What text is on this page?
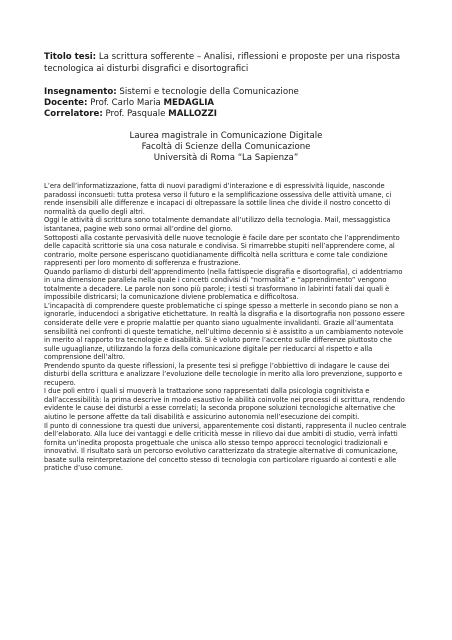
Titolo tesi: La scrittura sofferente – Analisi, riflessioni e proposte per una risposta tecnologica ai disturbi disgrafici e disortografici
Insegnamento: Sistemi e tecnologie della Comunicazione
Docente: Prof. Carlo Maria MEDAGLIA
Correlatore: Prof. Pasquale MALLOZZI
Laurea magistrale in Comunicazione Digitale
Facoltà di Scienze della Comunicazione
Università di Roma “La Sapienza”

L’era dell’informatizzazione, fatta di nuovi paradigmi d’interazione e di espressività liquide, nasconde paradossi inconsueti: tutta protesa verso il futuro e la semplificazione ossessiva delle attività umane, ci rende insensibili alle differenze e incapaci di oltrepassare la sottile linea che divide il nostro concetto di normalità da quello degli altri.

Oggi le attività di scrittura sono totalmente demandate all’utilizzo della tecnologia. Mail, messaggistica istantanea, pagine web sono ormai all’ordine del giorno.

Sottoposti alla costante pervasività delle nuove tecnologie è facile dare per scontato che l’apprendimento delle capacità scrittorie sia una cosa naturale e condivisa. Si rimarrebbe stupiti nell’apprendere come, al contrario, molte persone esperiscano quotidianamente difficoltà nella scrittura e come tale condizione rappresenti per loro momento di sofferenza e frustrazione.

Quando parliamo di disturbi dell’apprendimento (nella fattispecie disgrafia e disortografia), ci addentriamo in una dimensione parallela nella quale i concetti condivisi di “normalità” e “apprendimento” vengono totalmente a decadere. Le parole non sono più parole; i testi si trasformano in labirinti fatali dai quali è impossibile districarsi; la comunicazione diviene problematica e difficoltosa.

L’incapacità di comprendere queste problematiche ci spinge spesso a metterle in secondo piano se non a ignorarle, inducendoci a sbrigative etichettature. In realtà la disgrafia e la disortografia non possono essere considerate delle vere e proprie malattie per quanto siano ugualmente invalidanti. Grazie all’aumentata sensibilità nei confronti di queste tematiche, nell’ultimo decennio si è assistito a un cambiamento notevole in merito al rapporto tra tecnologie e disabilità. Si è voluto porre l’accento sulle differenze piuttosto che sulle uguaglianze, utilizzando la forza della comunicazione digitale per rieducarci al rispetto e alla comprensione dell’altro.

Prendendo spunto da queste riflessioni, la presente tesi si prefigge l’obbiettivo di indagare le cause dei disturbi della scrittura e analizzare l’evoluzione delle tecnologie in merito alla loro prevenzione, supporto e recupero.

I due poli entro i quali si muoverà la trattazione sono rappresentati dalla psicologia cognitivista e dall’accessibilità: la prima descrive in modo esaustivo le abilità coinvolte nei processi di scrittura, rendendo evidente le cause dei disturbi a esse correlati; la seconda propone soluzioni tecnologiche alternative che aiutino le persone affette da tali disabilità e assicurino autonomia nell’esecuzione dei compiti.

Il punto di connessione tra questi due universi, apparentemente così distanti, rappresenta il nucleo centrale dell’elaborato. Alla luce dei vantaggi e delle criticità messe in rilievo dai due ambiti di studio, verrà infatti fornita un’inedita proposta progettuale che unisca allo stesso tempo approcci tecnologici tradizionali e innovativi. Il risultato sarà un percorso evolutivo caratterizzato da strategie alternative di comunicazione, basate sulla reinterpretazione del concetto stesso di tecnologia con particolare riguardo ai contesti e alle pratiche d’uso comune.
